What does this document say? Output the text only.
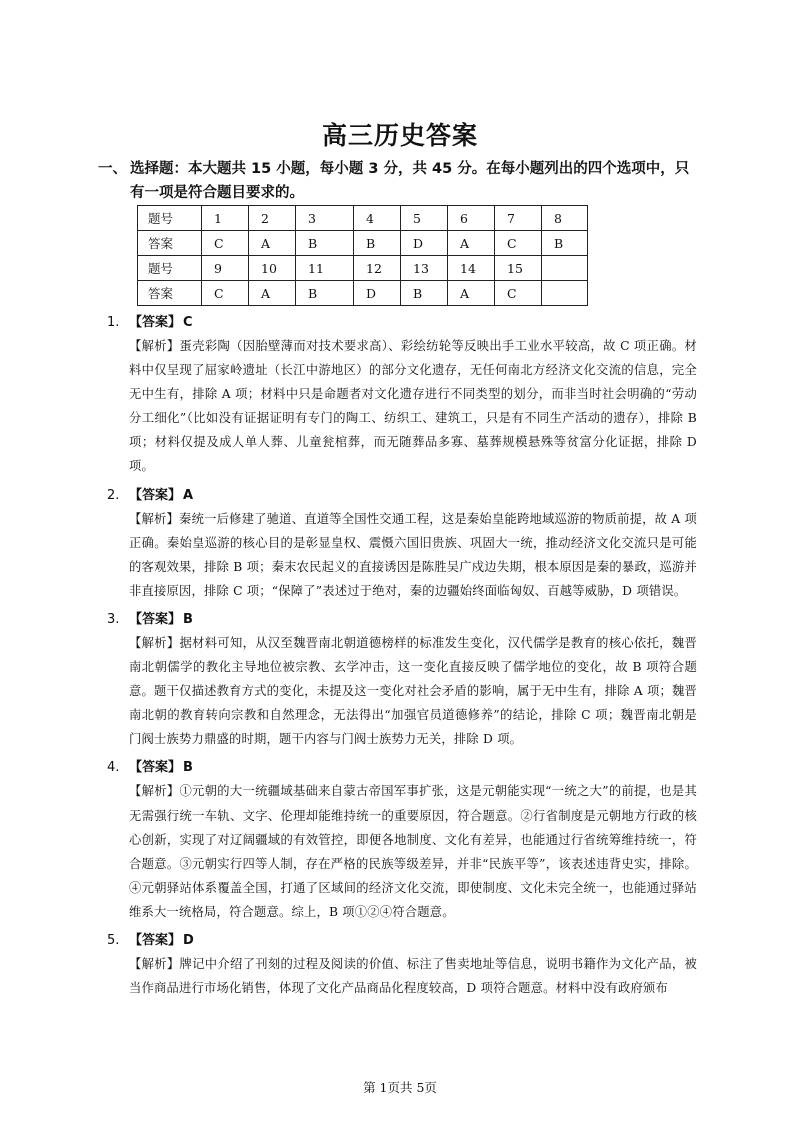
高三历史答案
一、 选择题：本大题共 15 小题，每小题 3 分，共 45 分。在每小题列出的四个选项中，只有一项是符合题目要求的。
题号	1	2	3	4	5	6	7	8
答案	C	A	B	B	D	A	C	B
题号	9	10	11	12	13	14	15	
答案	C	A	B	D	B	A	C	
1. 【答案】 C
【解析】蛋壳彩陶（因胎壁薄而对技术要求高）、彩绘纺轮等反映出手工业水平较高，故 C 项正确。材料中仅呈现了屈家岭遗址（长江中游地区）的部分文化遗存，无任何南北方经济文化交流的信息，完全无中生有，排除 A 项；材料中只是命题者对文化遗存进行不同类型的划分，而非当时社会明确的“劳动分工细化”（比如没有证据证明有专门的陶工、纺织工、建筑工，只是有不同生产活动的遗存），排除 B 项；材料仅提及成人单人葬、儿童瓮棺葬，而无随葬品多寡、墓葬规模悬殊等贫富分化证据，排除 D 项。
2. 【答案】 A
【解析】秦统一后修建了驰道、直道等全国性交通工程，这是秦始皇能跨地域巡游的物质前提，故 A 项正确。秦始皇巡游的核心目的是彰显皇权、震慑六国旧贵族、巩固大一统，推动经济文化交流只是可能的客观效果，排除 B 项；秦末农民起义的直接诱因是陈胜吴广戍边失期，根本原因是秦的暴政，巡游并非直接原因，排除 C 项；“保障了”表述过于绝对，秦的边疆始终面临匈奴、百越等威胁，D 项错误。
3. 【答案】 B
【解析】据材料可知，从汉至魏晋南北朝道德榜样的标准发生变化，汉代儒学是教育的核心依托，魏晋南北朝儒学的教化主导地位被宗教、玄学冲击，这一变化直接反映了儒学地位的变化，故 B 项符合题意。题干仅描述教育方式的变化，未提及这一变化对社会矛盾的影响，属于无中生有，排除 A 项；魏晋南北朝的教育转向宗教和自然理念，无法得出“加强官员道德修养”的结论，排除 C 项；魏晋南北朝是门阀士族势力鼎盛的时期，题干内容与门阀士族势力无关，排除 D 项。
4. 【答案】 B
【解析】①元朝的大一统疆域基础来自蒙古帝国军事扩张，这是元朝能实现“一统之大”的前提，也是其无需强行统一车轨、文字、伦理却能维持统一的重要原因，符合题意。②行省制度是元朝地方行政的核心创新，实现了对辽阔疆域的有效管控，即便各地制度、文化有差异，也能通过行省统筹维持统一，符合题意。③元朝实行四等人制，存在严格的民族等级差异，并非“民族平等”，该表述违背史实，排除。 ④元朝驿站体系覆盖全国，打通了区域间的经济文化交流，即使制度、文化未完全统一，也能通过驿站维系大一统格局，符合题意。综上，B 项①②④符合题意。
5. 【答案】 D
【解析】牌记中介绍了刊刻的过程及阅读的价值、标注了售卖地址等信息，说明书籍作为文化产品，被当作商品进行市场化销售，体现了文化产品商品化程度较高，D 项符合题意。材料中没有政府颁布
第 1页共 5页
